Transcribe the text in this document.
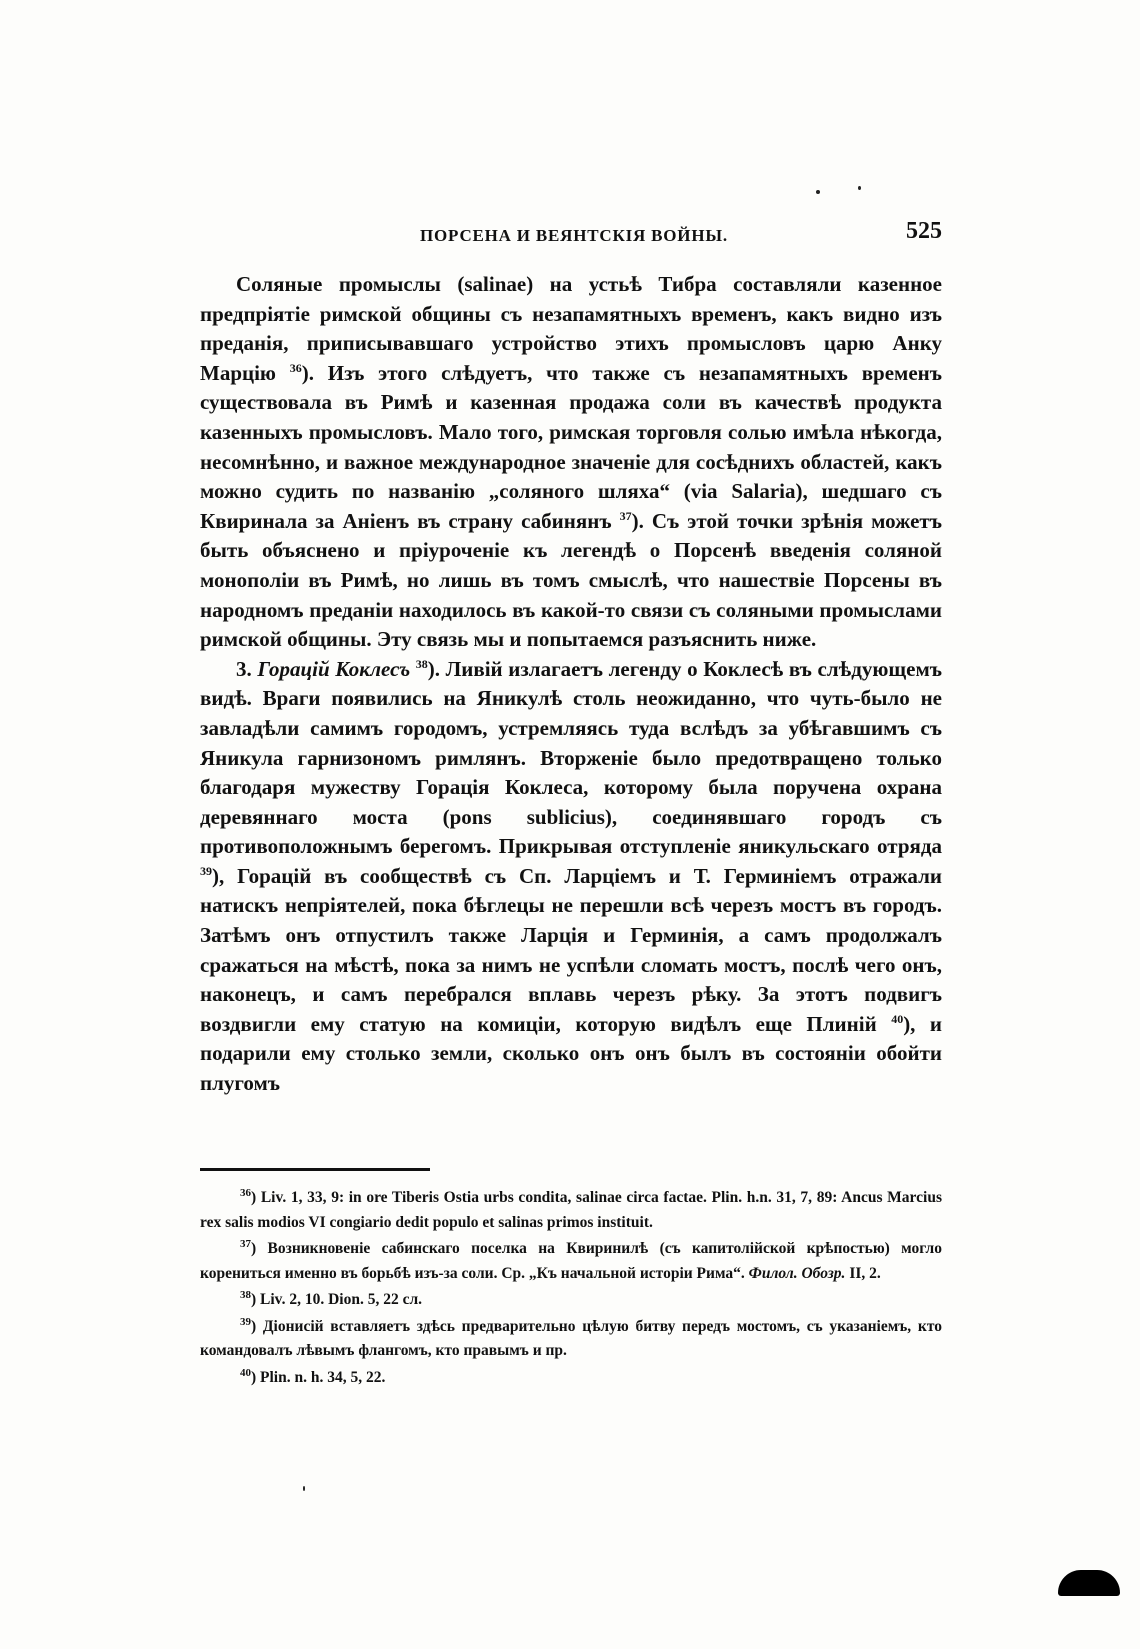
ПОРСЕНА И ВЕЯНТСКІЯ ВОЙНЫ.	525

Соляные промыслы (salinae) на устьѣ Тибра составляли казенное предпріятіе римской общины съ незапамятныхъ временъ, какъ видно изъ преданія, приписывавшаго устройство этихъ промысловъ царю Анку Марцію $^{36}$). Изъ этого слѣдуетъ, что также съ незапамятныхъ временъ существовала въ Римѣ и казенная продажа соли въ качествѣ продукта казенныхъ промысловъ. Мало того, римская торговля солью имѣла нѣкогда, несомнѣнно, и важное международное значеніе для сосѣднихъ областей, какъ можно судить по названію „соляного шляха“ (via Salaria), шедшаго съ Квиринала за Аніенъ въ страну сабинянъ $^{37}$). Съ этой точки зрѣнія можетъ быть объяснено и пріуроченіе къ легендѣ о Порсенѣ введенія соляной монополіи въ Римѣ, но лишь въ томъ смыслѣ, что нашествіе Порсены въ народномъ преданіи находилось въ какой-то связи съ соляными промыслами римской общины. Эту связь мы и попытаемся разъяснить ниже.

3. Горацій Коклесъ $^{38}$). Ливій излагаетъ легенду о Коклесѣ въ слѣдующемъ видѣ. Враги появились на Яникулѣ столь неожиданно, что чуть-было не завладѣли самимъ городомъ, устремляясь туда вслѣдъ за убѣгавшимъ съ Яникула гарнизономъ римлянъ. Вторженіе было предотвращено только благодаря мужеству Горація Коклеса, которому была поручена охрана деревяннаго моста (pons sublicius), соединявшаго городъ съ противоположнымъ берегомъ. Прикрывая отступленіе яникульскаго отряда $^{39}$), Горацій въ сообществѣ съ Сп. Ларціемъ и Т. Герминіемъ отражали натискъ непріятелей, пока бѣглецы не перешли всѣ черезъ мостъ въ городъ. Затѣмъ онъ отпустилъ также Ларція и Герминія, а самъ продолжалъ сражаться на мѣстѣ, пока за нимъ не успѣли сломать мостъ, послѣ чего онъ, наконецъ, и самъ перебрался вплавь черезъ рѣку. За этотъ подвигъ воздвигли ему статую на комиціи, которую видѣлъ еще Плиній $^{40}$), и подарили ему столько земли, сколько онъ онъ былъ въ состояніи обойти плугомъ

$^{36}$) Liv. 1, 33, 9: in ore Tiberis Ostia urbs condita, salinae circa factae. Plin. h.n. 31, 7, 89: Ancus Marcius rex salis modios VI congiario dedit populo et salinas primos instituit.

$^{37}$) Возникновеніе сабинскаго поселка на Квиринилѣ (съ капитолійской крѣпостью) могло корениться именно въ борьбѣ изъ-за соли. Ср. „Къ начальной исторіи Рима“. Филол. Обозр. II, 2.

$^{38}$) Liv. 2, 10. Dion. 5, 22 сл.

$^{39}$) Діонисій вставляетъ здѣсь предварительно цѣлую битву передъ мостомъ, съ указаніемъ, кто командовалъ лѣвымъ флангомъ, кто правымъ и пр.

$^{40}$) Plin. n. h. 34, 5, 22.
